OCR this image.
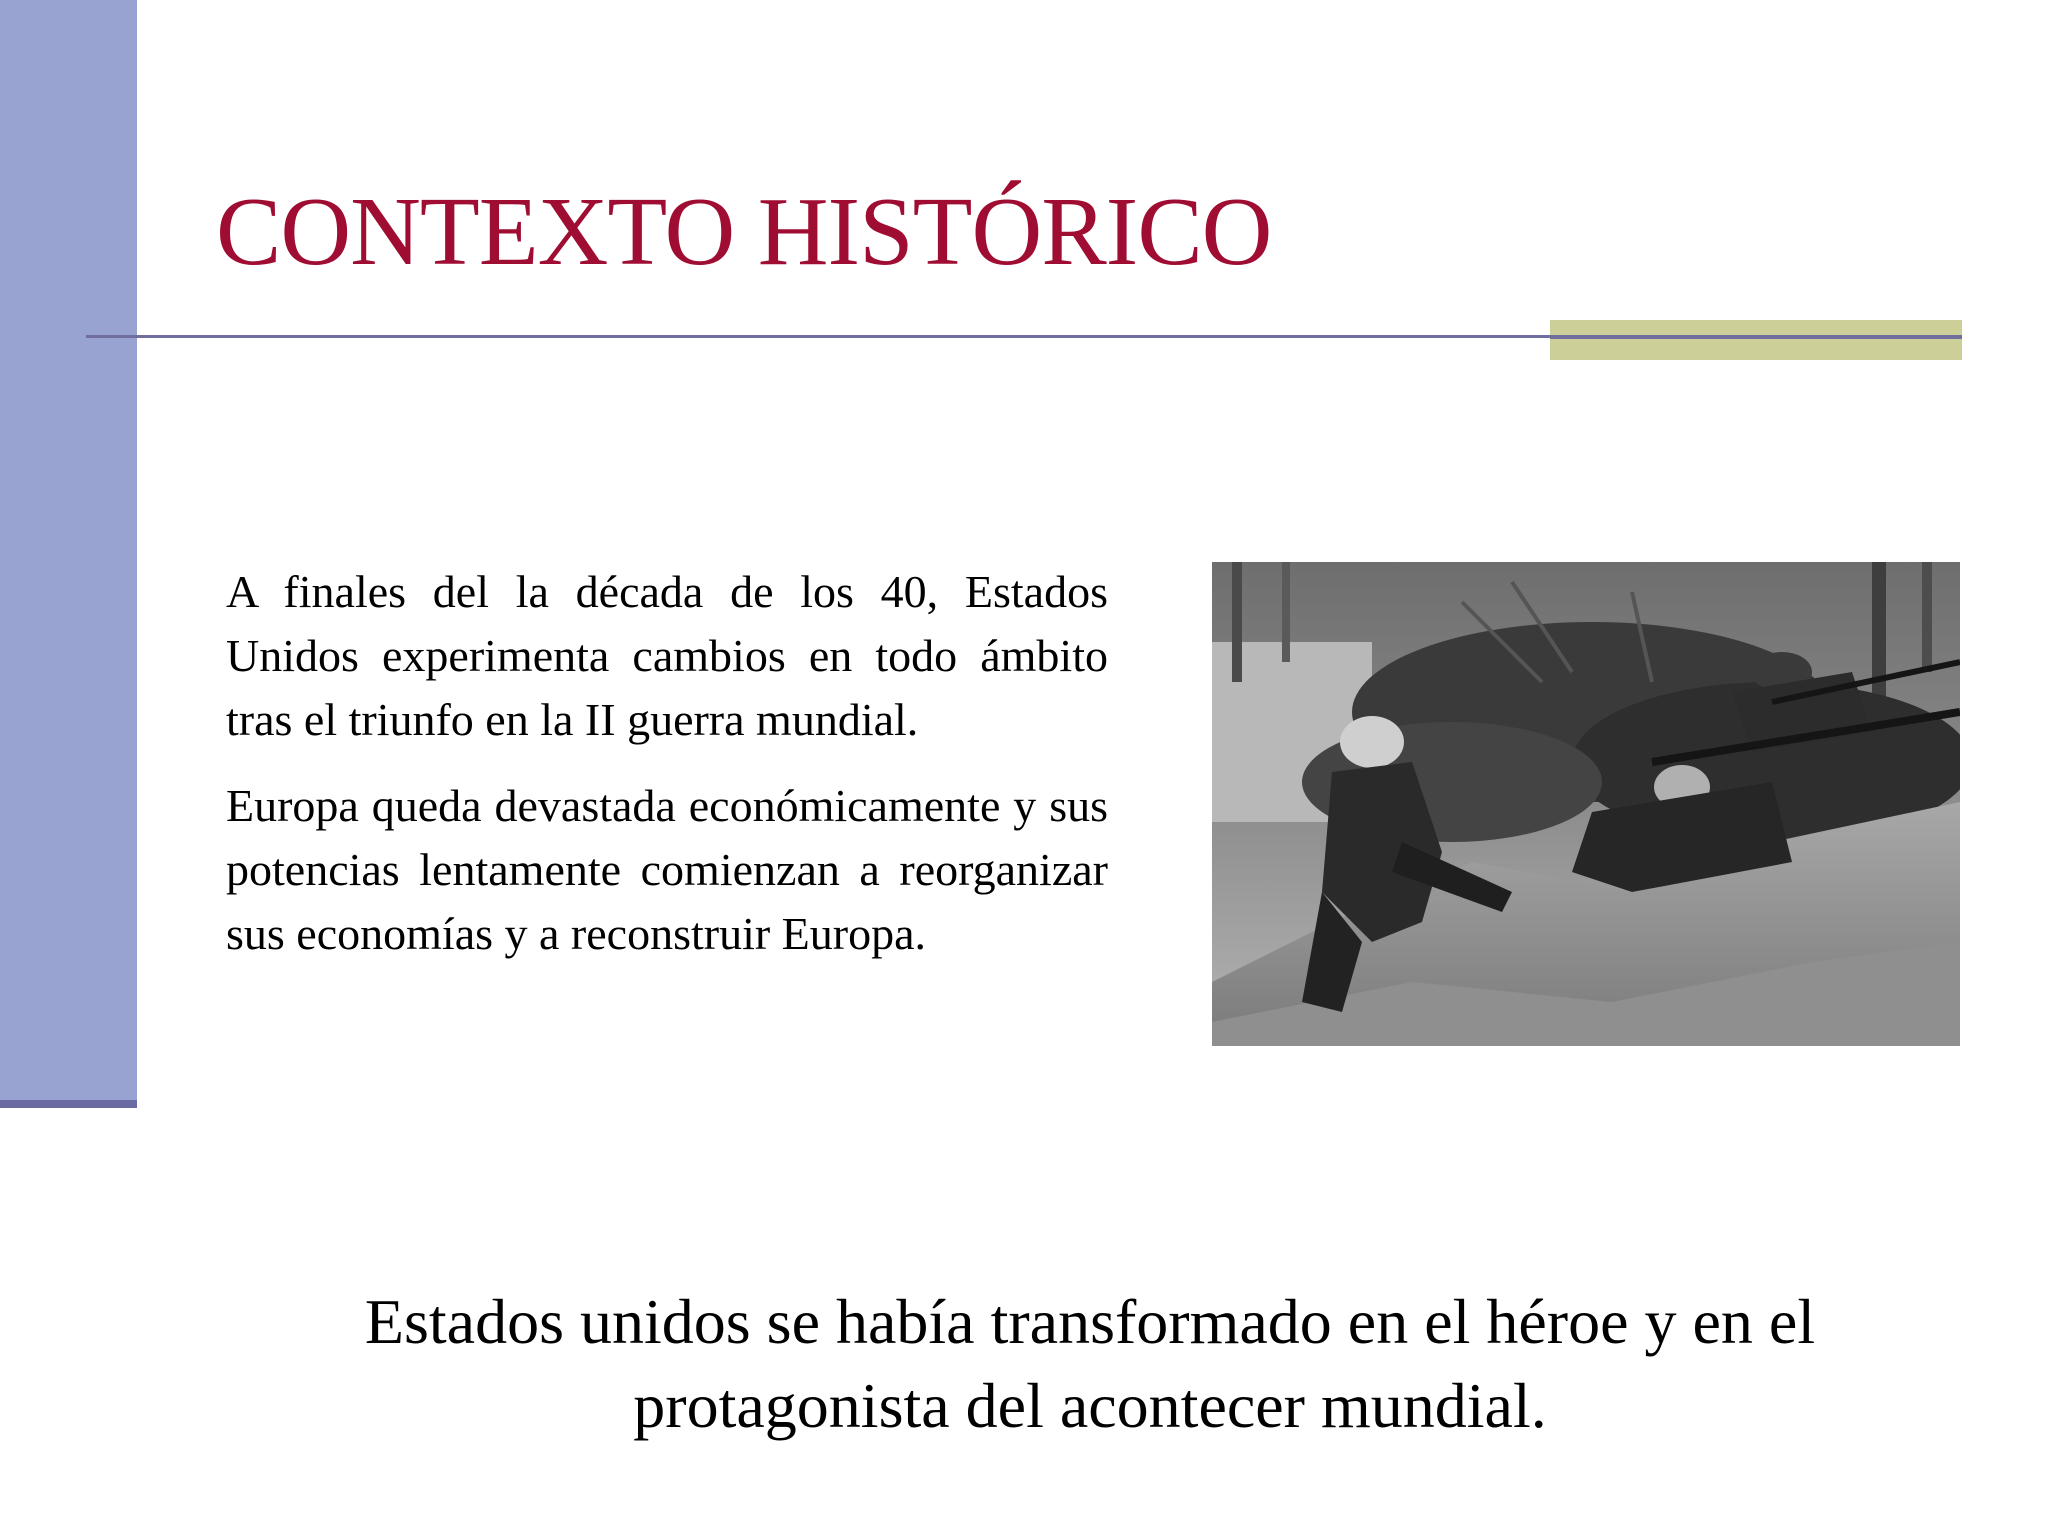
CONTEXTO HISTÓRICO

A finales del la década de los 40, Estados Unidos experimenta cambios en todo ámbito tras el triunfo en la II guerra mundial.

Europa queda devastada económicamente y sus potencias lentamente comienzan a reorganizar sus economías y a reconstruir Europa.

Estados unidos se había transformado en el héroe y en el protagonista del acontecer mundial.
